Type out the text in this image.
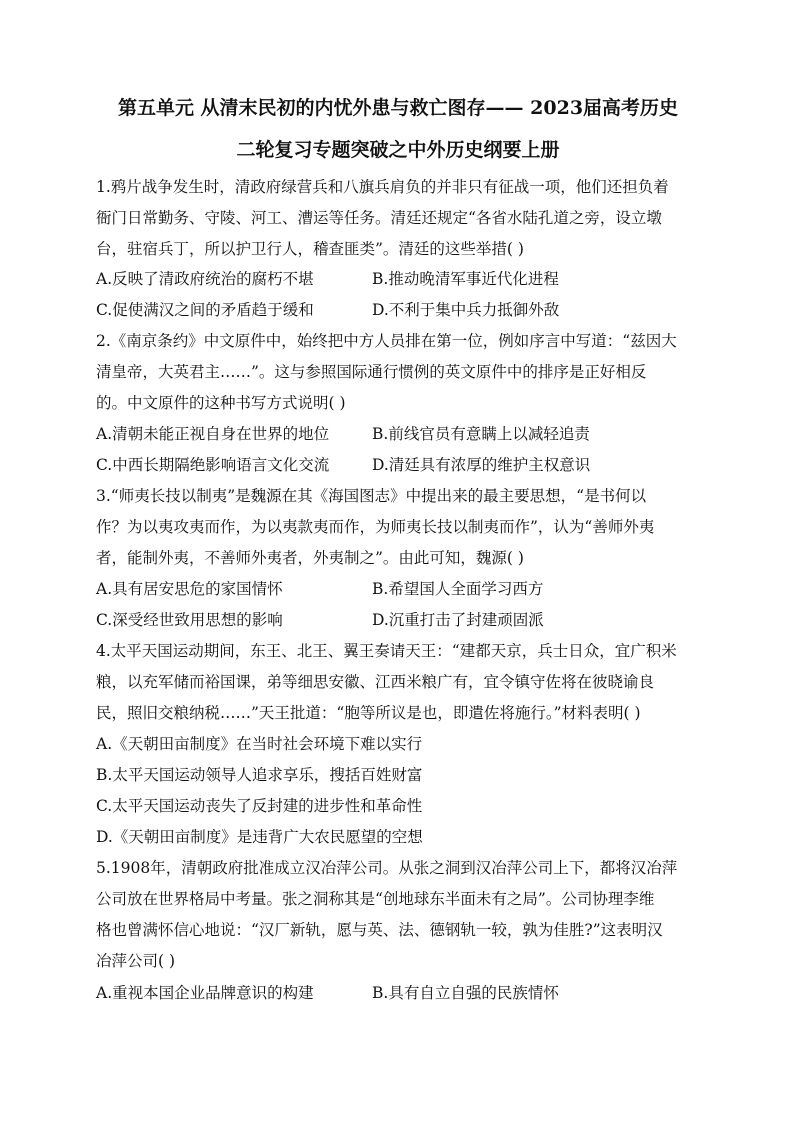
第五单元 从清末民初的内忧外患与救亡图存—— 2023届高考历史
二轮复习专题突破之中外历史纲要上册
1.鸦片战争发生时，清政府绿营兵和八旗兵肩负的并非只有征战一项，他们还担负着
衙门日常勤务、守陵、河工、漕运等任务。清廷还规定“各省水陆孔道之旁，设立墩
台，驻宿兵丁，所以护卫行人，稽查匪类”。清廷的这些举措( )
A.反映了清政府统治的腐朽不堪	B.推动晚清军事近代化进程
C.促使满汉之间的矛盾趋于缓和	D.不利于集中兵力抵御外敌
2.《南京条约》中文原件中，始终把中方人员排在第一位，例如序言中写道：“兹因大
清皇帝，大英君主……”。这与参照国际通行惯例的英文原件中的排序是正好相反
的。中文原件的这种书写方式说明( )
A.清朝未能正视自身在世界的地位	B.前线官员有意瞒上以减轻追责
C.中西长期隔绝影响语言文化交流	D.清廷具有浓厚的维护主权意识
3.“师夷长技以制夷”是魏源在其《海国图志》中提出来的最主要思想，“是书何以
作？为以夷攻夷而作，为以夷款夷而作，为师夷长技以制夷而作”，认为“善师外夷
者，能制外夷，不善师外夷者，外夷制之”。由此可知，魏源( )
A.具有居安思危的家国情怀	B.希望国人全面学习西方
C.深受经世致用思想的影响	D.沉重打击了封建顽固派
4.太平天国运动期间，东王、北王、翼王奏请天王：“建都天京，兵士日众，宜广积米
粮，以充军储而裕国课，弟等细思安徽、江西米粮广有，宜令镇守佐将在彼晓谕良
民，照旧交粮纳税……”天王批道：“胞等所议是也，即遣佐将施行。”材料表明( )
A.《天朝田亩制度》在当时社会环境下难以实行
B.太平天国运动领导人追求享乐，搜括百姓财富
C.太平天国运动丧失了反封建的进步性和革命性
D.《天朝田亩制度》是违背广大农民愿望的空想
5.1908年，清朝政府批准成立汉冶萍公司。从张之洞到汉冶萍公司上下，都将汉冶萍
公司放在世界格局中考量。张之洞称其是“创地球东半面未有之局”。公司协理李维
格也曾满怀信心地说：“汉厂新轨，愿与英、法、德钢轨一较，孰为佳胜?”这表明汉
冶萍公司( )
A.重视本国企业品牌意识的构建	B.具有自立自强的民族情怀
